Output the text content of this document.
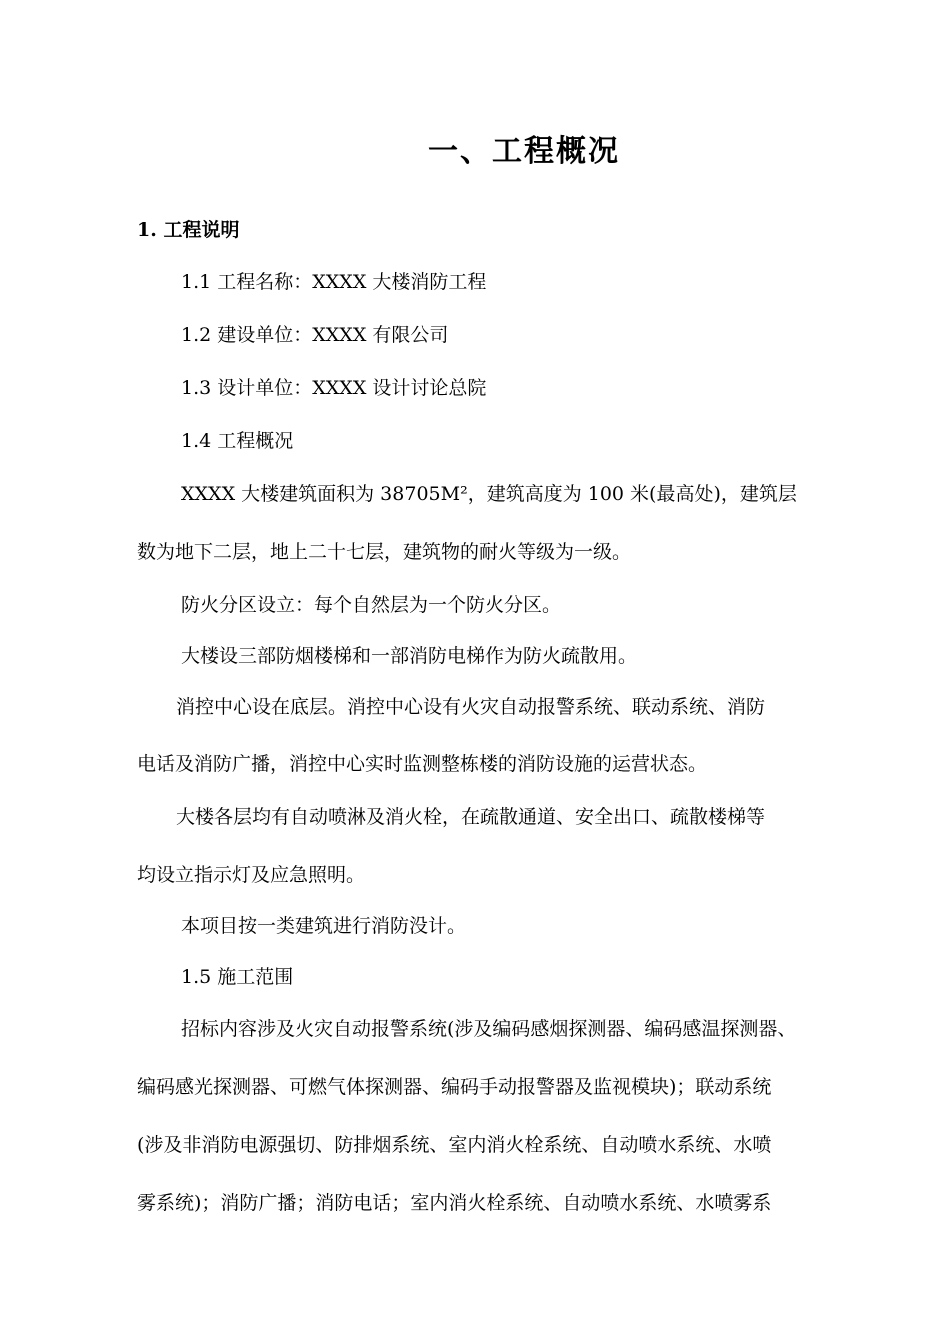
一、工程概况
1. 工程说明
1.1 工程名称：XXXX 大楼消防工程
1.2 建设单位：XXXX 有限公司
1.3 设计单位：XXXX 设计讨论总院
1.4 工程概况
XXXX 大楼建筑面积为 38705M²，建筑高度为 100 米(最高处)，建筑层
数为地下二层，地上二十七层，建筑物的耐火等级为一级。
防火分区设立：每个自然层为一个防火分区。
大楼设三部防烟楼梯和一部消防电梯作为防火疏散用。
消控中心设在底层。消控中心设有火灾自动报警系统、联动系统、消防
电话及消防广播，消控中心实时监测整栋楼的消防设施的运营状态。
大楼各层均有自动喷淋及消火栓，在疏散通道、安全出口、疏散楼梯等
均设立指示灯及应急照明。
本项目按一类建筑进行消防没计。
1.5 施工范围
招标内容涉及火灾自动报警系统(涉及编码感烟探测器、编码感温探测器、
编码感光探测器、可燃气体探测器、编码手动报警器及监视模块)；联动系统
(涉及非消防电源强切、防排烟系统、室内消火栓系统、自动喷水系统、水喷
雾系统)；消防广播；消防电话；室内消火栓系统、自动喷水系统、水喷雾系
